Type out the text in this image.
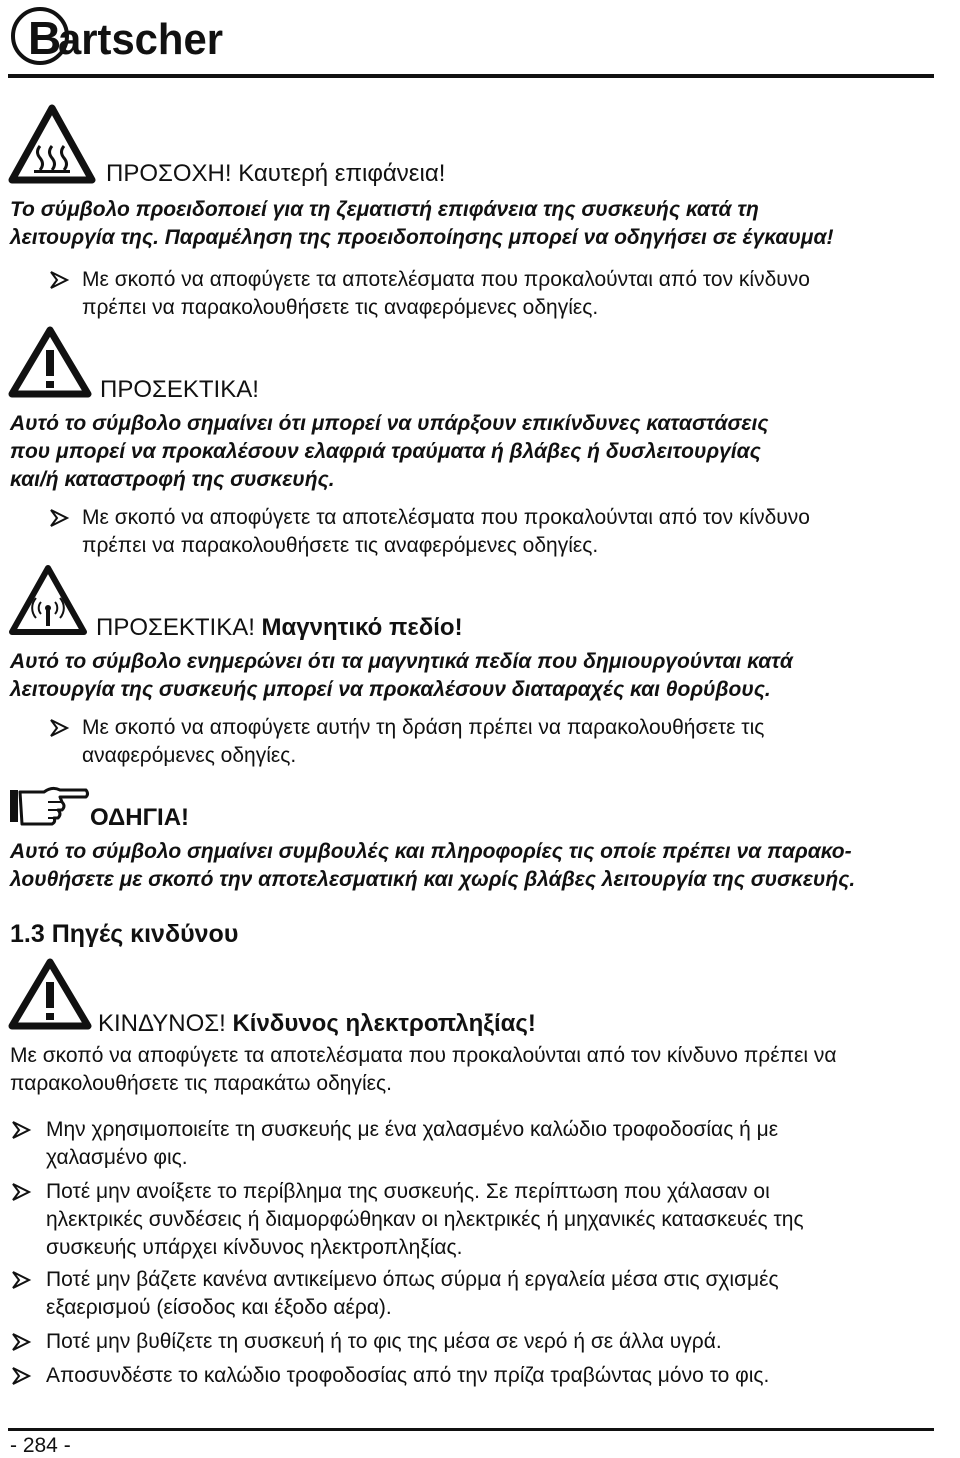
B
artscher
ΠΡΟΣΟΧΗ! Καυτερή επιφάνεια!
Το σύμβολο προειδοποιεί για τη ζεματιστή επιφάνεια της συσκευής κατά τη
λειτουργία της. Παραμέληση της προειδοποίησης μπορεί να οδηγήσει σε έγκαυμα!
Με σκοπό να αποφύγετε τα αποτελέσματα που προκαλούνται από τον κίνδυνο
πρέπει να παρακολουθήσετε τις αναφερόμενες οδηγίες.
ΠΡΟΣΕΚΤΙΚΑ!
Αυτό το σύμβολο σημαίνει ότι μπορεί να υπάρξουν επικίνδυνες καταστάσεις
που μπορεί να προκαλέσουν ελαφριά τραύματα ή βλάβες ή δυσλειτουργίας
και/ή καταστροφή της συσκευής.
Με σκοπό να αποφύγετε τα αποτελέσματα που προκαλούνται από τον κίνδυνο
πρέπει να παρακολουθήσετε τις αναφερόμενες οδηγίες.
ΠΡΟΣΕΚΤΙΚΑ! Μαγνητικό πεδίο!
Αυτό το σύμβολο ενημερώνει ότι τα μαγνητικά πεδία που δημιουργούνται κατά
λειτουργία της συσκευής μπορεί να προκαλέσουν διαταραχές και θορύβους.
Με σκοπό να αποφύγετε αυτήν τη δράση πρέπει να παρακολουθήσετε τις
αναφερόμενες οδηγίες.
ΟΔΗΓΙΑ!
Αυτό το σύμβολο σημαίνει συμβουλές και πληροφορίες τις οποίε πρέπει να παρακο-
λουθήσετε με σκοπό την αποτελεσματική και χωρίς βλάβες λειτουργία της συσκευής.
1.3 Πηγές κινδύνου
ΚΙΝΔΥΝΟΣ! Κίνδυνος ηλεκτροπληξίας!
Με σκοπό να αποφύγετε τα αποτελέσματα που προκαλούνται από τον κίνδυνο πρέπει να
παρακολουθήσετε τις παρακάτω οδηγίες.
Μην χρησιμοποιείτε τη συσκευής με ένα χαλασμένο καλώδιο τροφοδοσίας ή με
χαλασμένο φις.
Ποτέ μην ανοίξετε το περίβλημα της συσκευής. Σε περίπτωση που χάλασαν οι
ηλεκτρικές συνδέσεις ή διαμορφώθηκαν οι ηλεκτρικές ή μηχανικές κατασκευές της
συσκευής υπάρχει κίνδυνος ηλεκτροπληξίας.
Ποτέ μην βάζετε κανένα αντικείμενο όπως σύρμα ή εργαλεία μέσα στις σχισμές
εξαερισμού (είσοδος και έξοδο αέρα).
Ποτέ μην βυθίζετε τη συσκευή ή το φις της μέσα σε νερό ή σε άλλα υγρά.
Αποσυνδέστε το καλώδιο τροφοδοσίας από την πρίζα τραβώντας μόνο το φις.
- 284 -
